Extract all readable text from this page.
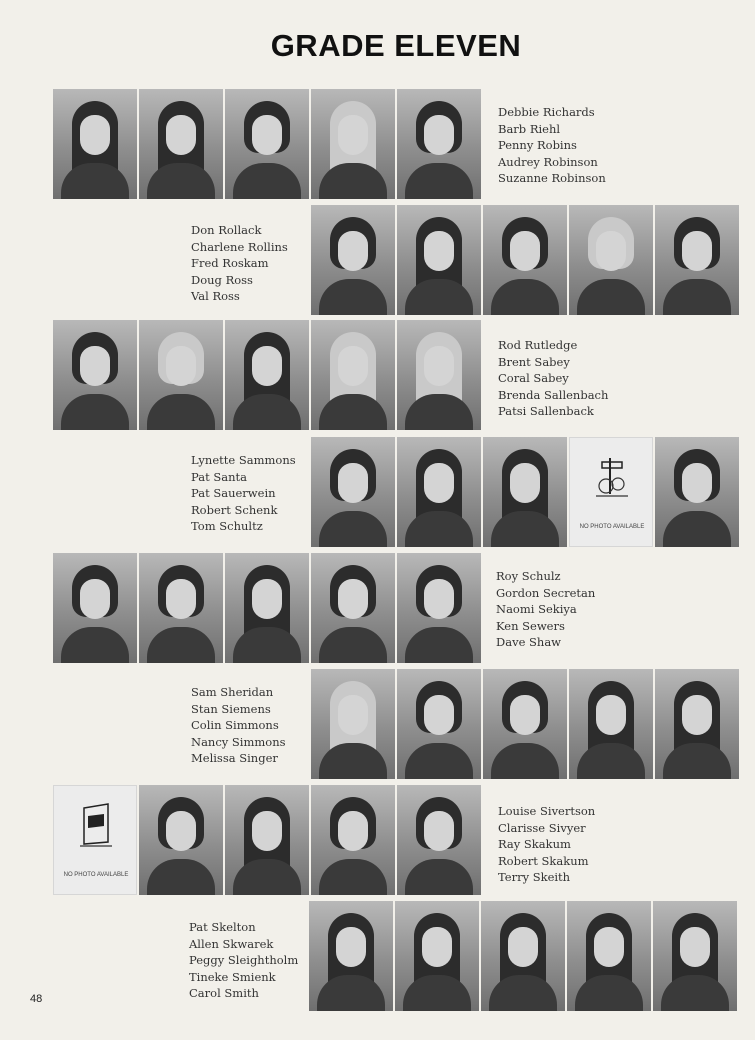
GRADE ELEVEN
Debbie Richards
Barb Riehl
Penny Robins
Audrey Robinson
Suzanne Robinson
Don Rollack
Charlene Rollins
Fred Roskam
Doug Ross
Val Ross
Rod Rutledge
Brent Sabey
Coral Sabey
Brenda Sallenbach
Patsi Sallenback
Lynette Sammons
Pat Santa
Pat Sauerwein
Robert Schenk
Tom Schultz	NO PHOTO AVAILABLE
Roy Schulz
Gordon Secretan
Naomi Sekiya
Ken Sewers
Dave Shaw
Sam Sheridan
Stan Siemens
Colin Simmons
Nancy Simmons
Melissa Singer
NO PHOTO AVAILABLE
Louise Sivertson
Clarisse Sivyer
Ray Skakum
Robert Skakum
Terry Skeith
Pat Skelton
Allen Skwarek
Peggy Sleightholm
Tineke Smienk
Carol Smith
48
